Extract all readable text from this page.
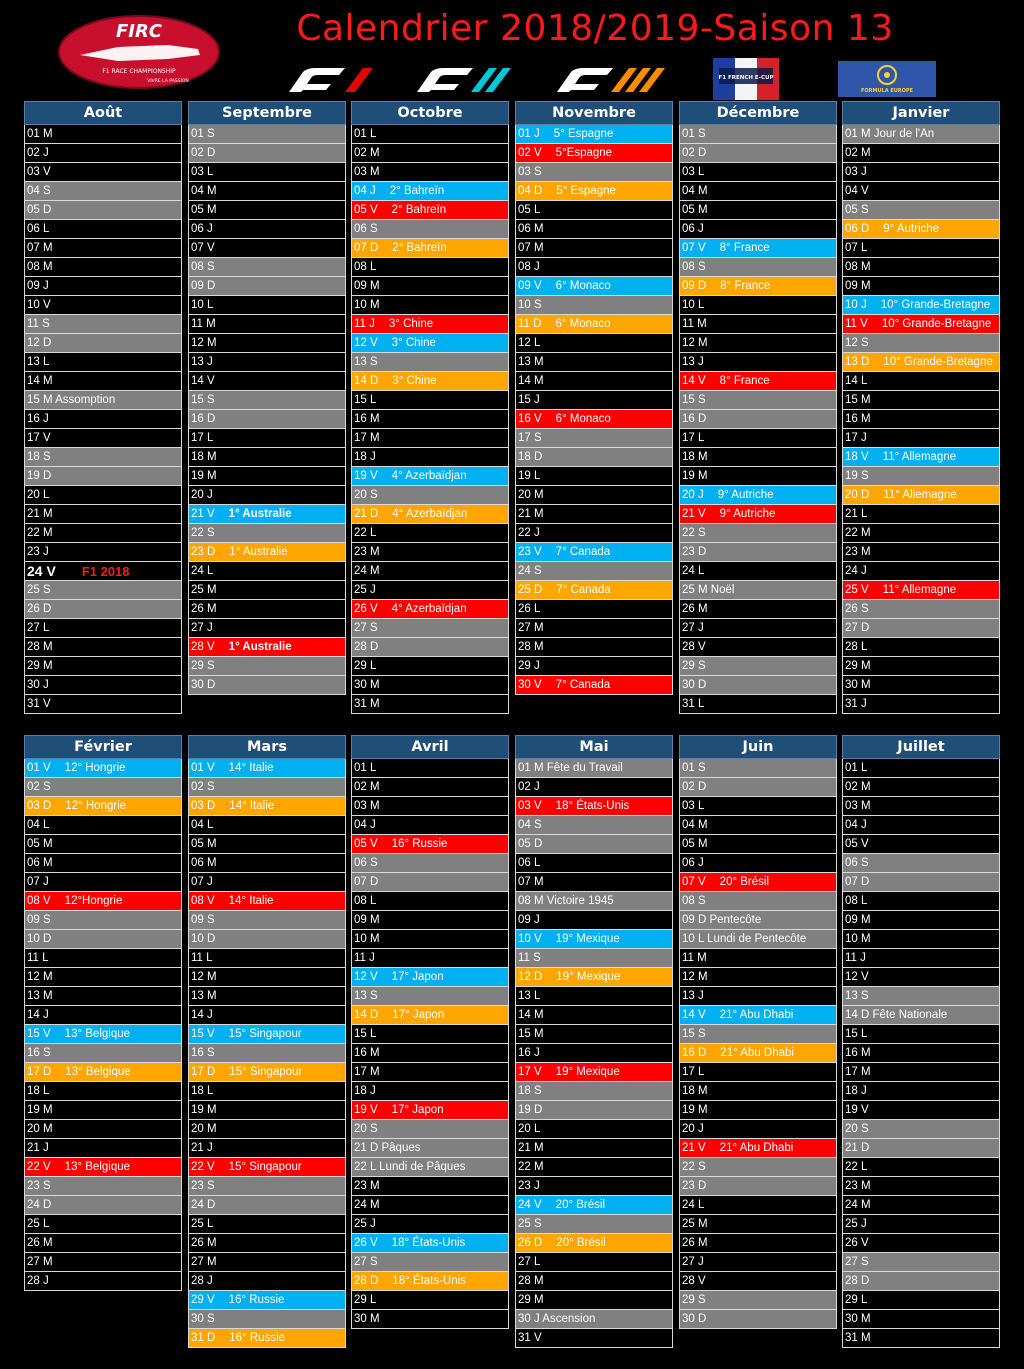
FIRC
F1 RACE CHAMPIONSHIP
VIVRE LA PASSION
Calendrier 2018/2019-Saison 13
F1 FRENCH E-CUP
FORMULA EUROPE
Août
01 M
02 J
03 V
04 S
05 D
06 L
07 M
08 M
09 J
10 V
11 S
12 D
13 L
14 M
15 M Assomption
16 J
17 V
18 S
19 D
20 L
21 M
22 M
23 J
24 V F1 2018
25 S
26 D
27 L
28 M
29 M
30 J
31 V
Septembre
01 S
02 D
03 L
04 M
05 M
06 J
07 V
08 S
09 D
10 L
11 M
12 M
13 J
14 V
15 S
16 D
17 L
18 M
19 M
20 J
21 V 1° Australie
22 S
23 D 1° Australie
24 L
25 M
26 M
27 J
28 V 1° Australie
29 S
30 D
Octobre
01 L
02 M
03 M
04 J 2° Bahreïn
05 V 2° Bahreïn
06 S
07 D 2° Bahreïn
08 L
09 M
10 M
11 J 3° Chine
12 V 3° Chine
13 S
14 D 3° Chine
15 L
16 M
17 M
18 J
19 V 4° Azerbaïdjan
20 S
21 D 4° Azerbaïdjan
22 L
23 M
24 M
25 J
26 V 4° Azerbaïdjan
27 S
28 D
29 L
30 M
31 M
Novembre
01 J 5° Espagne
02 V 5°Espagne
03 S
04 D 5° Espagne
05 L
06 M
07 M
08 J
09 V 6° Monaco
10 S
11 D 6° Monaco
12 L
13 M
14 M
15 J
16 V 6° Monaco
17 S
18 D
19 L
20 M
21 M
22 J
23 V 7° Canada
24 S
25 D 7° Canada
26 L
27 M
28 M
29 J
30 V 7° Canada
Décembre
01 S
02 D
03 L
04 M
05 M
06 J
07 V 8° France
08 S
09 D 8° France
10 L
11 M
12 M
13 J
14 V 8° France
15 S
16 D
17 L
18 M
19 M
20 J 9° Autriche
21 V 9° Autriche
22 S
23 D
24 L
25 M Noël
26 M
27 J
28 V
29 S
30 D
31 L
Janvier
01 M Jour de l'An
02 M
03 J
04 V
05 S
06 D 9° Autriche
07 L
08 M
09 M
10 J 10° Grande-Bretagne
11 V 10° Grande-Bretagne
12 S
13 D 10° Grande-Bretagne
14 L
15 M
16 M
17 J
18 V 11° Allemagne
19 S
20 D 11° Allemagne
21 L
22 M
23 M
24 J
25 V 11° Allemagne
26 S
27 D
28 L
29 M
30 M
31 J
Février
01 V 12° Hongrie
02 S
03 D 12° Hongrie
04 L
05 M
06 M
07 J
08 V 12°Hongrie
09 S
10 D
11 L
12 M
13 M
14 J
15 V 13° Belgique
16 S
17 D 13° Belgique
18 L
19 M
20 M
21 J
22 V 13° Belgique
23 S
24 D
25 L
26 M
27 M
28 J
Mars
01 V 14° Italie
02 S
03 D 14° Italie
04 L
05 M
06 M
07 J
08 V 14° Italie
09 S
10 D
11 L
12 M
13 M
14 J
15 V 15° Singapour
16 S
17 D 15° Singapour
18 L
19 M
20 M
21 J
22 V 15° Singapour
23 S
24 D
25 L
26 M
27 M
28 J
29 V 16° Russie
30 S
31 D 16° Russie
Avril
01 L
02 M
03 M
04 J
05 V 16° Russie
06 S
07 D
08 L
09 M
10 M
11 J
12 V 17° Japon
13 S
14 D 17° Japon
15 L
16 M
17 M
18 J
19 V 17° Japon
20 S
21 D Pâques
22 L Lundi de Pâques
23 M
24 M
25 J
26 V 18° États-Unis
27 S
28 D 18° États-Unis
29 L
30 M
Mai
01 M Fête du Travail
02 J
03 V 18° États-Unis
04 S
05 D
06 L
07 M
08 M Victoire 1945
09 J
10 V 19° Mexique
11 S
12 D 19° Mexique
13 L
14 M
15 M
16 J
17 V 19° Mexique
18 S
19 D
20 L
21 M
22 M
23 J
24 V 20° Brésil
25 S
26 D 20° Brésil
27 L
28 M
29 M
30 J Ascension
31 V
Juin
01 S
02 D
03 L
04 M
05 M
06 J
07 V 20° Brésil
08 S
09 D Pentecôte
10 L Lundi de Pentecôte
11 M
12 M
13 J
14 V 21° Abu Dhabi
15 S
16 D 21° Abu Dhabi
17 L
18 M
19 M
20 J
21 V 21° Abu Dhabi
22 S
23 D
24 L
25 M
26 M
27 J
28 V
29 S
30 D
Juillet
01 L
02 M
03 M
04 J
05 V
06 S
07 D
08 L
09 M
10 M
11 J
12 V
13 S
14 D Fête Nationale
15 L
16 M
17 M
18 J
19 V
20 S
21 D
22 L
23 M
24 M
25 J
26 V
27 S
28 D
29 L
30 M
31 M
